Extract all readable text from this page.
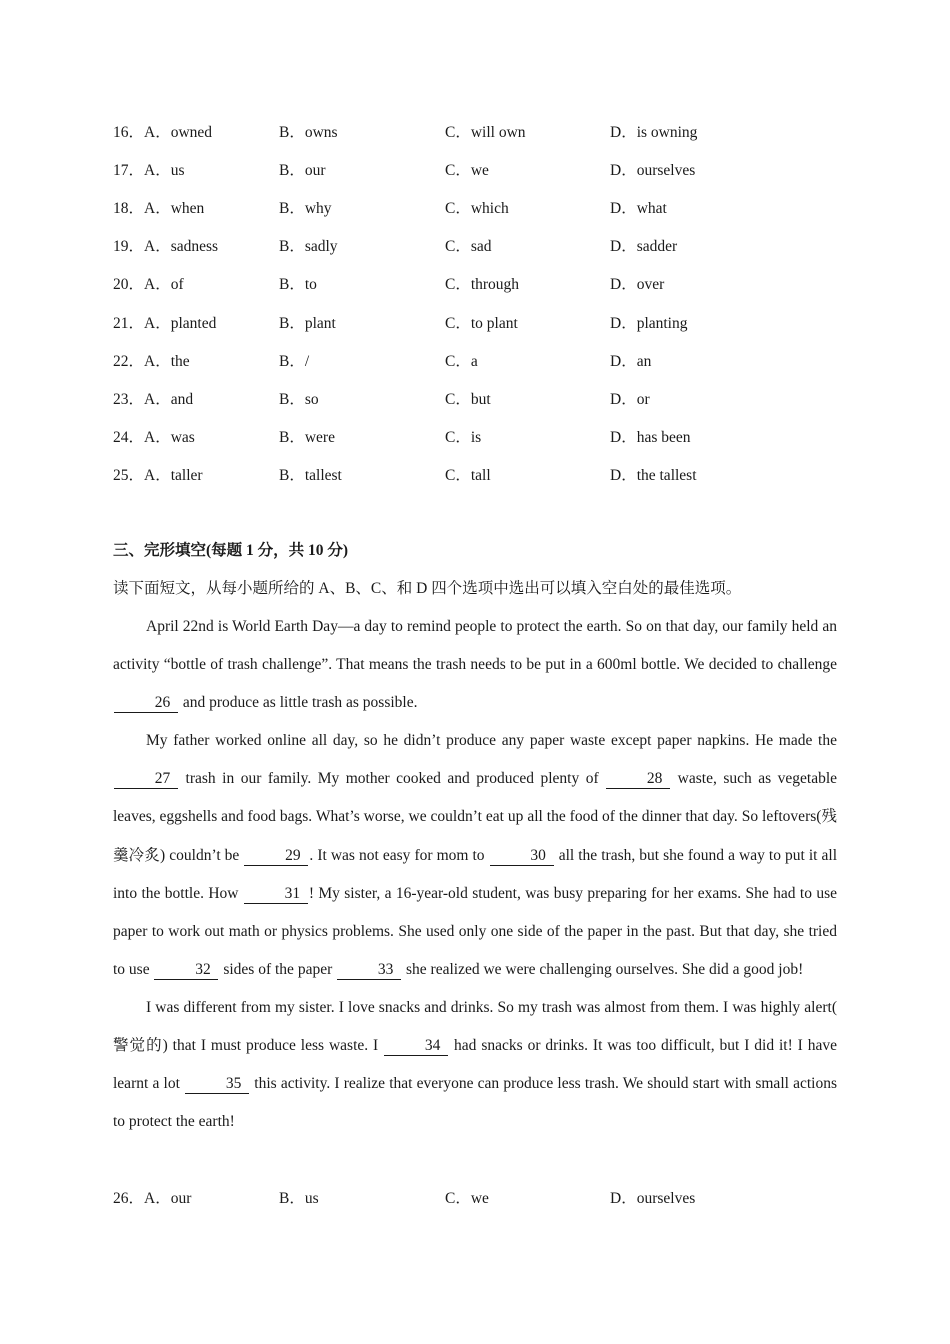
16．A．owned	B．owns	C．will own	D．is owning
17．A．us	B．our	C．we	D．ourselves
18．A．when	B．why	C．which	D．what
19．A．sadness	B．sadly	C．sad	D．sadder
20．A．of	B．to	C．through	D．over
21．A．planted	B．plant	C．to plant	D．planting
22．A．the	B．/	C．a	D．an
23．A．and	B．so	C．but	D．or
24．A．was	B．were	C．is	D．has been
25．A．taller	B．tallest	C．tall	D．the tallest
三、完形填空(每题 1 分，共 10 分)
读下面短文，从每小题所给的 A、B、C、和 D 四个选项中选出可以填入空白处的最佳选项。

April 22nd is World Earth Day—a day to remind people to protect the earth. So on that day, our family held an activity “bottle of trash challenge”. That means the trash needs to be put in a 600ml bottle. We decided to challenge 26 and produce as little trash as possible.

My father worked online all day, so he didn’t produce any paper waste except paper napkins. He made the 27 trash in our family. My mother cooked and produced plenty of	28 waste, such as vegetable leaves, eggshells and food bags. What’s worse, we couldn’t eat up all the food of the dinner that day. So leftovers(残羹冷炙) couldn’t be	29 . It was not easy for mom to	30 all the trash, but she found a way to put it all into the bottle. How	31 ! My sister, a 16-year-old student, was busy preparing for her exams. She had to use paper to work out math or physics problems. She used only one side of the paper in the past. But that day, she tried to use	32 sides of the paper	33 she realized we were challenging ourselves. She did a good job!

I was different from my sister. I love snacks and drinks. So my trash was almost from them. I was highly alert( 警觉的) that I must produce less waste. I	34 had snacks or drinks. It was too difficult, but I did it! I have learnt a lot	35 this activity. I realize that everyone can produce less trash. We should start with small actions to protect the earth!

26．A．our	B．us	C．we	D．ourselves
